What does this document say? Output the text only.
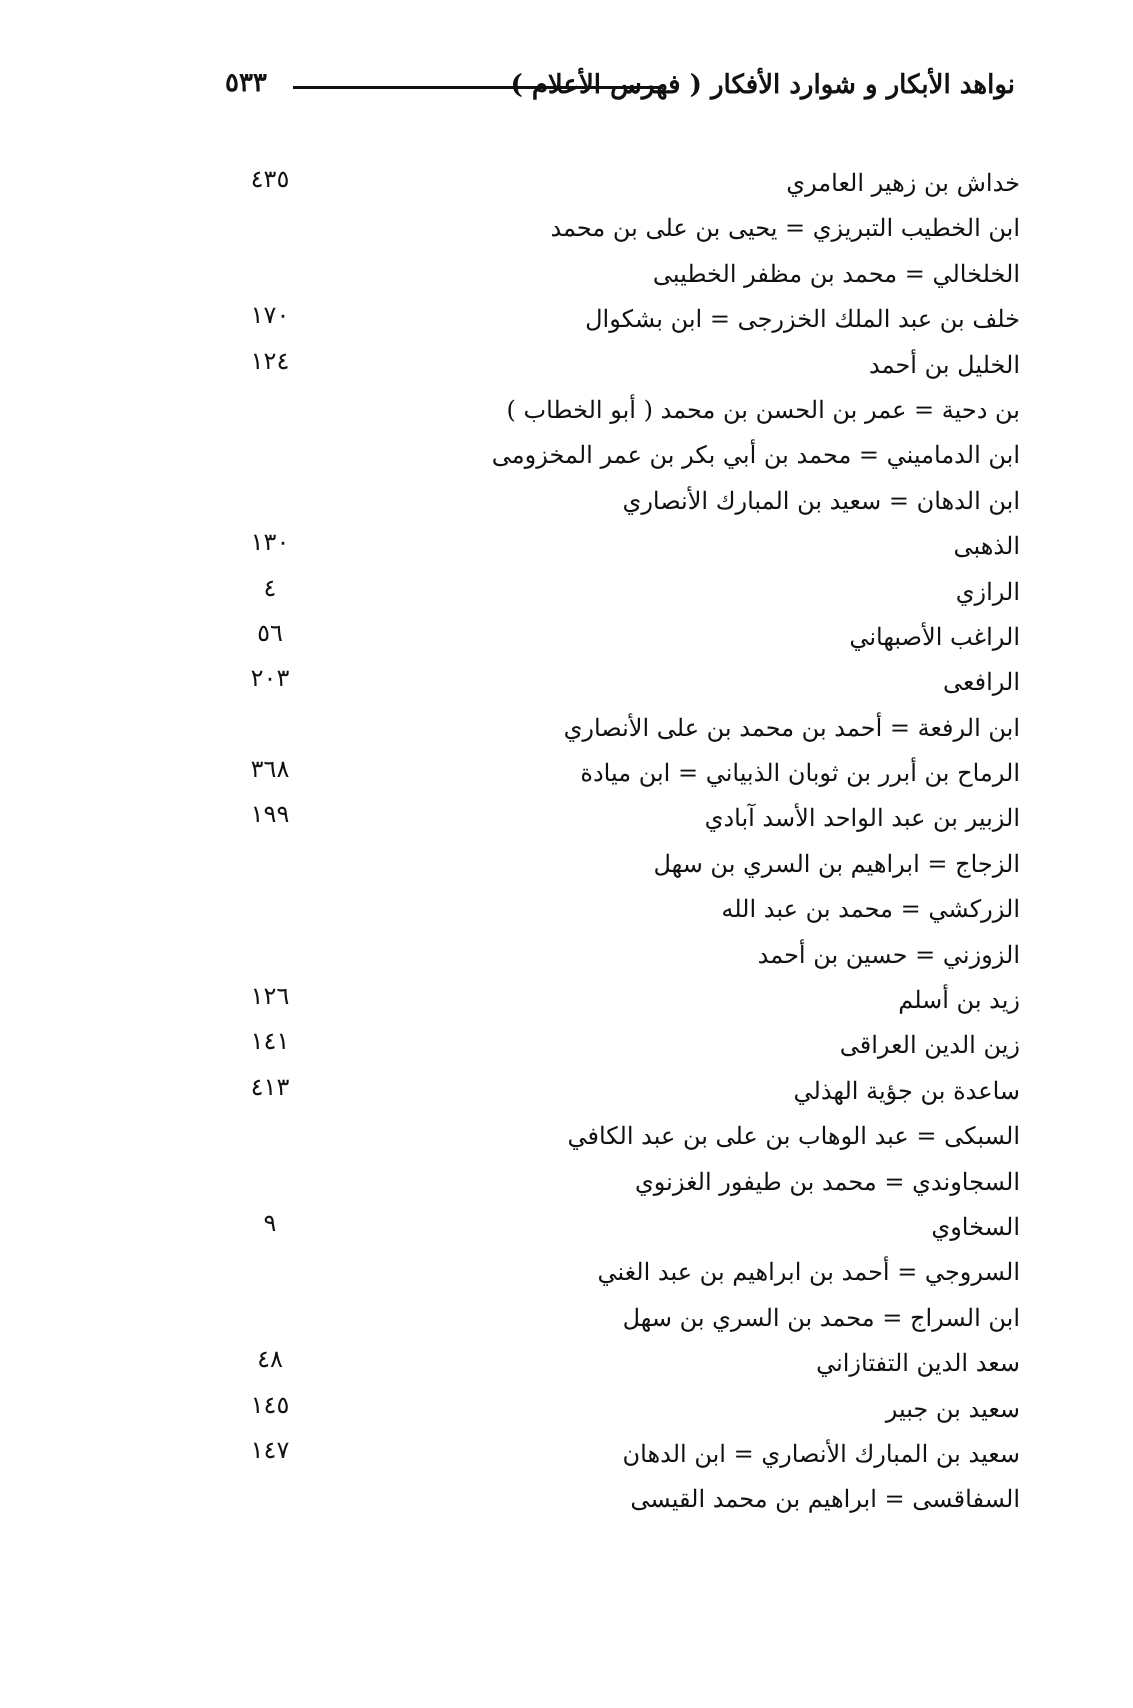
نواهد الأبكار و شوارد الأفكار ( فهرس الأعلام )
٥٣٣
خداش بن زهير العامري
٤٣٥
ابن الخطيب التبريزي = يحيى بن على بن محمد
الخلخالي = محمد بن مظفر الخطيبى
خلف بن عبد الملك الخزرجى = ابن بشكوال
١٧٠
الخليل بن أحمد
١٢٤
بن دحية = عمر بن الحسن بن محمد ( أبو الخطاب )
ابن الدماميني = محمد بن أبي بكر بن عمر المخزومى
ابن الدهان = سعيد بن المبارك الأنصاري
الذهبى
١٣٠
الرازي
٤
الراغب الأصبهاني
٥٦
الرافعى
٢٠٣
ابن الرفعة = أحمد بن محمد بن على الأنصاري
الرماح بن أبرر بن ثوبان الذبياني = ابن ميادة
٣٦٨
الزبير بن عبد الواحد الأسد آبادي
١٩٩
الزجاج = ابراهيم بن السري بن سهل
الزركشي = محمد بن عبد الله
الزوزني = حسين بن أحمد
زيد بن أسلم
١٢٦
زين الدين العراقى
١٤١
ساعدة بن جؤية الهذلي
٤١٣
السبكى = عبد الوهاب بن على بن عبد الكافي
السجاوندي = محمد بن طيفور الغزنوي
السخاوي
٩
السروجي = أحمد بن ابراهيم بن عبد الغني
ابن السراج = محمد بن السري بن سهل
سعد الدين التفتازاني
٤٨
سعيد بن جبير
١٤٥
سعيد بن المبارك الأنصاري = ابن الدهان
١٤٧
السفاقسى = ابراهيم بن محمد القيسى
